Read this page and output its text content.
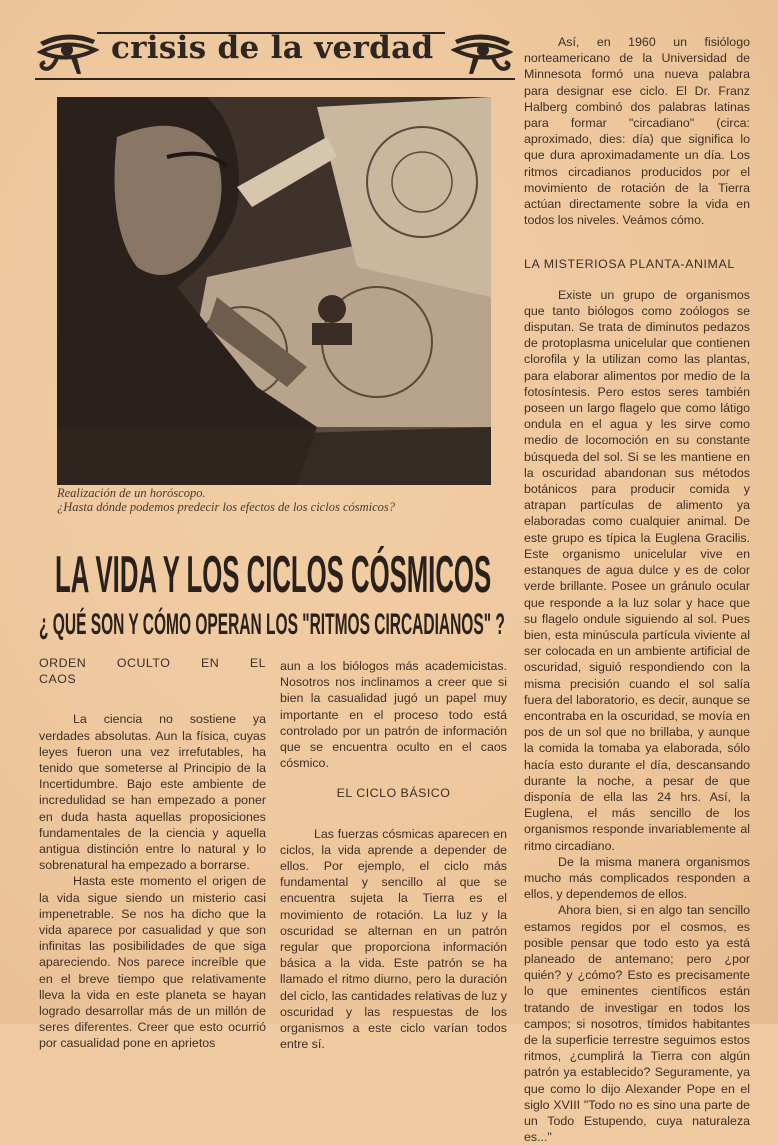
crisis de la verdad
Realización de un horóscopo.
¿Hasta dónde podemos predecir los efectos de los ciclos cósmicos?
LA VIDA Y LOS CICLOS CÓSMICOS
¿ QUÉ SON Y CÓMO OPERAN LOS "RITMOS CIRCADIANOS" ?
ORDEN OCULTO EN EL CAOS

La ciencia no sostiene ya verdades absolutas. Aun la física, cuyas leyes fueron una vez irrefutables, ha tenido que someterse al Principio de la Incertidumbre. Bajo este ambiente de incredulidad se han empezado a poner en duda hasta aquellas proposiciones fundamentales de la ciencia y aquella antigua distinción entre lo natural y lo sobrenatural ha empezado a borrarse.

Hasta este momento el origen de la vida sigue siendo un misterio casi impenetrable. Se nos ha dicho que la vida aparece por casualidad y que son infinitas las posibilidades de que siga apareciendo. Nos parece increíble que en el breve tiempo que relativamente lleva la vida en este planeta se hayan logrado desarrollar más de un millón de seres diferentes. Creer que esto ocurrió por casualidad pone en aprietos

aun a los biólogos más academicistas. Nosotros nos inclinamos a creer que si bien la casualidad jugó un papel muy importante en el proceso todo está controlado por un patrón de información que se encuentra oculto en el caos cósmico.

EL CICLO BÁSICO

Las fuerzas cósmicas aparecen en ciclos, la vida aprende a depender de ellos. Por ejemplo, el ciclo más fundamental y sencillo al que se encuentra sujeta la Tierra es el movimiento de rotación. La luz y la oscuridad se alternan en un patrón regular que proporciona información básica a la vida. Este patrón se ha llamado el ritmo diurno, pero la duración del ciclo, las cantidades relativas de luz y oscuridad y las respuestas de los organismos a este ciclo varían todos entre sí.

Así, en 1960 un fisiólogo norteamericano de la Universidad de Minnesota formó una nueva palabra para designar ese ciclo. El Dr. Franz Halberg combinó dos palabras latinas para formar "circadiano" (circa: aproximado, dies: día) que significa lo que dura aproximadamente un día. Los ritmos circadianos producidos por el movimiento de rotación de la Tierra actúan directamente sobre la vida en todos los niveles. Veámos cómo.

LA MISTERIOSA PLANTA-ANIMAL

Existe un grupo de organismos que tanto biólogos como zoólogos se disputan. Se trata de diminutos pedazos de protoplasma unicelular que contienen clorofila y la utilizan como las plantas, para elaborar alimentos por medio de la fotosíntesis. Pero estos seres también poseen un largo flagelo que como látigo ondula en el agua y les sirve como medio de locomoción en su constante búsqueda del sol. Si se les mantiene en la oscuridad abandonan sus métodos botánicos para producir comida y atrapan partículas de alimento ya elaboradas como cualquier animal. De este grupo es típica la Euglena Gracilis. Este organismo unicelular vive en estanques de agua dulce y es de color verde brillante. Posee un gránulo ocular que responde a la luz solar y hace que su flagelo ondule siguiendo al sol. Pues bien, esta minúscula partícula viviente al ser colocada en un ambiente artificial de oscuridad, siguió respondiendo con la misma precisión cuando el sol salía fuera del laboratorio, es decir, aunque se encontraba en la oscuridad, se movía en pos de un sol que no brillaba, y aunque la comida la tomaba ya elaborada, sólo hacía esto durante el día, descansando durante la noche, a pesar de que disponía de ella las 24 hrs. Así, la Euglena, el más sencillo de los organismos responde invariablemente al ritmo circadiano.

De la misma manera organismos mucho más complicados responden a ellos, y dependemos de ellos.

Ahora bien, si en algo tan sencillo estamos regidos por el cosmos, es posible pensar que todo esto ya está planeado de antemano; pero ¿por quién? y ¿cómo? Esto es precisamente lo que eminentes científicos están tratando de investigar en todos los campos; si nosotros, tímidos habitantes de la superficie terrestre seguimos estos ritmos, ¿cumplirá la Tierra con algún patrón ya establecido? Seguramente, ya que como lo dijo Alexander Pope en el siglo XVIII "Todo no es sino una parte de un Todo Estupendo, cuya naturaleza es..."
